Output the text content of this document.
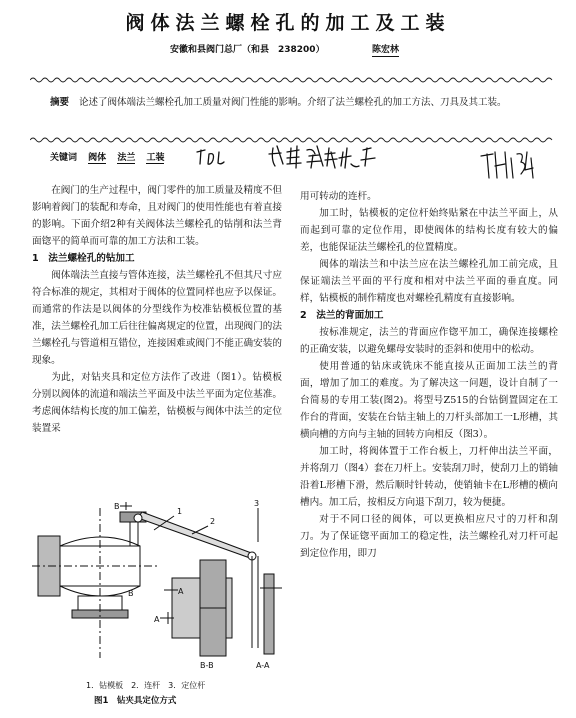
阀体法兰螺栓孔的加工及工装
安徽和县阀门总厂（和县　238200）	陈宏林
摘要 论述了阀体端法兰螺栓孔加工质量对阀门性能的影响。介绍了法兰螺栓孔的加工方法、刀具及其工装。
关键词 阀体 法兰 工装

在阀门的生产过程中，阀门零件的加工质量及精度不但影响着阀门的装配和寿命，且对阀门的使用性能也有着直接的影响。下面介绍2种有关阀体法兰螺栓孔的钻削和法兰背面锪平的简单而可靠的加工方法和工装。

1　法兰螺栓孔的钻加工

阀体端法兰直接与管体连接，法兰螺栓孔不但其尺寸应符合标准的规定，其相对于阀体的位置同样也应予以保证。而通常的作法是以阀体的分型线作为校准钻模板位置的基准，法兰螺栓孔加工后往往偏离规定的位置，出现阀门的法兰螺栓孔与管道相互错位，连接困难或阀门不能正确安装的现象。

为此，对钻夹具和定位方法作了改进（图1）。钻模板分别以阀体的流道和端法兰平面及中法兰平面为定位基准。考虑阀体结构长度的加工偏差，钻模板与阀体中法兰的定位装置采

用可转动的连杆。

加工时，钻模板的定位杆始终贴紧在中法兰平面上，从而起到可靠的定位作用，即使阀体的结构长度有较大的偏差，也能保证法兰螺栓孔的位置精度。

阀体的端法兰和中法兰应在法兰螺栓孔加工前完成，且保证端法兰平面的平行度和相对中法兰平面的垂直度。同样，钻模板的制作精度也对螺栓孔精度有直接影响。

2　法兰的背面加工

按标准规定，法兰的背面应作锪平加工，确保连接螺栓的正确安装，以避免螺母安装时的歪斜和使用中的松动。

使用普通的钻床或铣床不能直接从正面加工法兰的背面，增加了加工的难度。为了解决这一问题，设计自制了一台简易的专用工装(图2)。将型号Z515的台钻倒置固定在工作台的背面，安装在台钻主轴上的刀杆头部加工一L形槽，其横向槽的方向与主轴的回转方向相反（图3）。

加工时，将阀体置于工作台板上，刀杆伸出法兰平面，并将刮刀（图4）套在刀杆上。安装刮刀时，使刮刀上的销轴沿着L形槽下滑，然后顺时针转动，使销轴卡在L形槽的横向槽内。加工后，按相反方向退下刮刀，较为便捷。

对于不同口径的阀体，可以更换相应尺寸的刀杆和刮刀。为了保证锪平面加工的稳定性，法兰螺栓孔对刀杆可起到定位作用，即刀

B
A
A
B
1
2
3
B-B	A-A
1．钻模板　2．连杆　3．定位杆
图1　钻夹具定位方式
